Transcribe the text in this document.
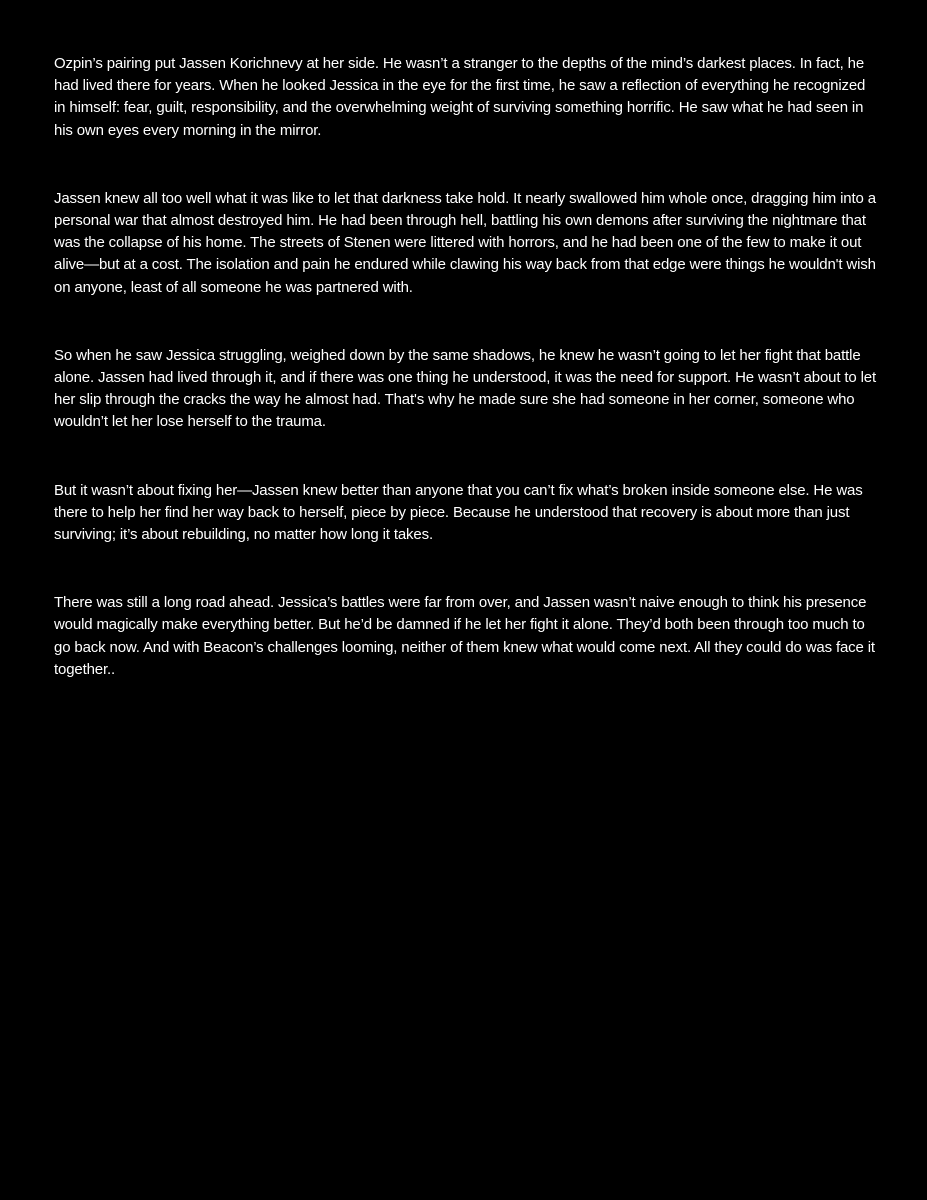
Ozpin’s pairing put Jassen Korichnevy at her side. He wasn’t a stranger to the depths of the mind’s darkest places. In fact, he had lived there for years. When he looked Jessica in the eye for the first time, he saw a reflection of everything he recognized in himself: fear, guilt, responsibility, and the overwhelming weight of surviving something horrific. He saw what he had seen in his own eyes every morning in the mirror.

Jassen knew all too well what it was like to let that darkness take hold. It nearly swallowed him whole once, dragging him into a personal war that almost destroyed him. He had been through hell, battling his own demons after surviving the nightmare that was the collapse of his home. The streets of Stenen were littered with horrors, and he had been one of the few to make it out alive—but at a cost. The isolation and pain he endured while clawing his way back from that edge were things he wouldn't wish on anyone, least of all someone he was partnered with.

So when he saw Jessica struggling, weighed down by the same shadows, he knew he wasn’t going to let her fight that battle alone. Jassen had lived through it, and if there was one thing he understood, it was the need for support. He wasn’t about to let her slip through the cracks the way he almost had. That's why he made sure she had someone in her corner, someone who wouldn’t let her lose herself to the trauma.

But it wasn’t about fixing her—Jassen knew better than anyone that you can’t fix what’s broken inside someone else. He was there to help her find her way back to herself, piece by piece. Because he understood that recovery is about more than just surviving; it’s about rebuilding, no matter how long it takes.

There was still a long road ahead. Jessica’s battles were far from over, and Jassen wasn’t naive enough to think his presence would magically make everything better. But he’d be damned if he let her fight it alone. They’d both been through too much to go back now. And with Beacon’s challenges looming, neither of them knew what would come next. All they could do was face it together..
